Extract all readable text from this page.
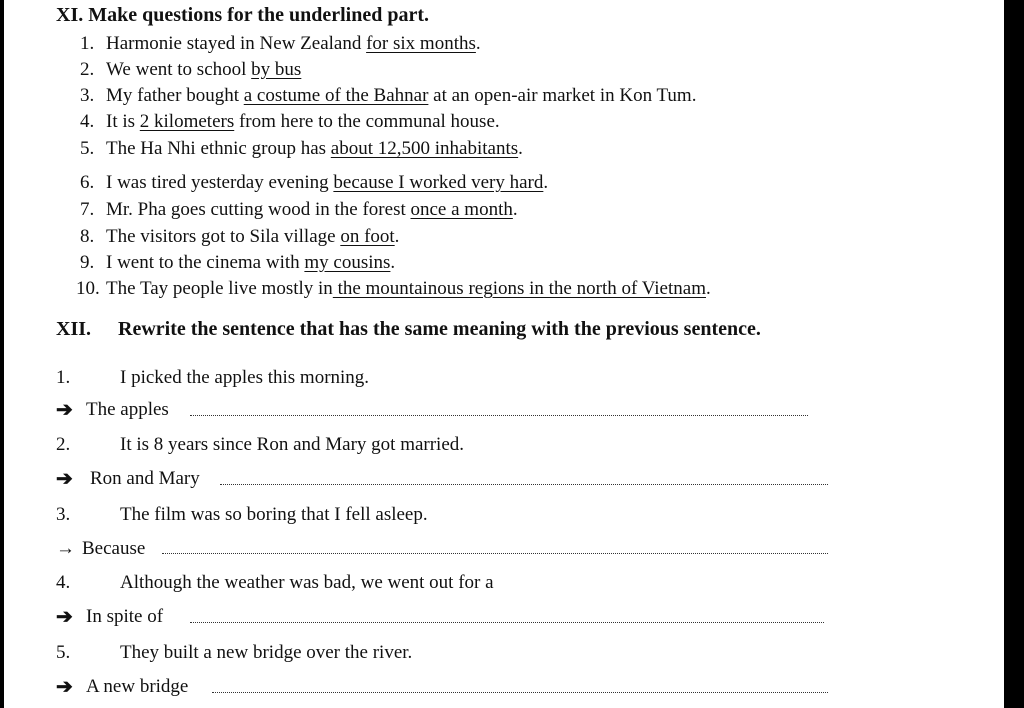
XI. Make questions for the underlined part.
1. Harmonie stayed in New Zealand for six months.
2. We went to school by bus
3. My father bought a costume of the Bahnar at an open-air market in Kon Tum.
4. It is 2 kilometers from here to the communal house.
5. The Ha Nhi ethnic group has about 12,500 inhabitants.
6. I was tired yesterday evening because I worked very hard.
7. Mr. Pha goes cutting wood in the forest once a month.
8. The visitors got to Sila village on foot.
9. I went to the cinema with my cousins.
10. The Tay people live mostly in the mountainous regions in the north of Vietnam.
XII. Rewrite the sentence that has the same meaning with the previous sentence.
1.	I picked the apples this morning.
➔ The apples
2.	It is 8 years since Ron and Mary got married.
➔ Ron and Mary
3.	The film was so boring that I fell asleep.
→ Because
4.	Although the weather was bad, we went out for a
➔ In spite of
5.	They built a new bridge over the river.
➔ A new bridge
